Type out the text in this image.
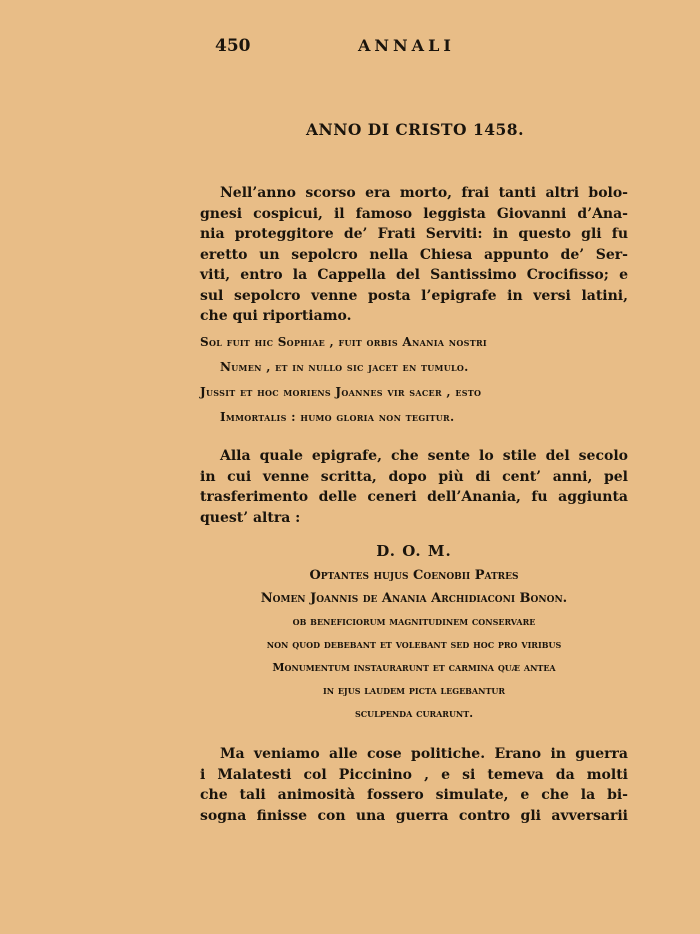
450	ANNALI
ANNO DI CRISTO 1458.
Nell’anno scorso era morto, frai tanti altri bolo-
gnesi cospicui, il famoso leggista Giovanni d’Ana-
nia proteggitore de’ Frati Serviti: in questo gli fu
eretto un sepolcro nella Chiesa appunto de’ Ser-
viti, entro la Cappella del Santissimo Crocifisso; e
sul sepolcro venne posta l’epigrafe in versi latini,
che qui riportiamo.
Sol fuit hic Sophiae , fuit orbis Anania nostri
Numen , et in nullo sic jacet en tumulo.
Jussit et hoc moriens Joannes vir sacer , esto
Immortalis : humo gloria non tegitur.
Alla quale epigrafe, che sente lo stile del secolo
in cui venne scritta, dopo più di cent’ anni, pel
trasferimento delle ceneri dell’Anania, fu aggiunta
quest’ altra :
D. O. M.
Optantes hujus Coenobii Patres
Nomen Joannis de Anania Archidiaconi Bonon.
ob beneficiorum magnitudinem conservare
non quod debebant et volebant sed hoc pro viribus
Monumentum instaurarunt et carmina quæ antea
in ejus laudem picta legebantur
sculpenda curarunt.
Ma veniamo alle cose politiche. Erano in guerra
i Malatesti col Piccinino , e si temeva da molti
che tali animosità fossero simulate, e che la bi-
sogna finisse con una guerra contro gli avversarii
